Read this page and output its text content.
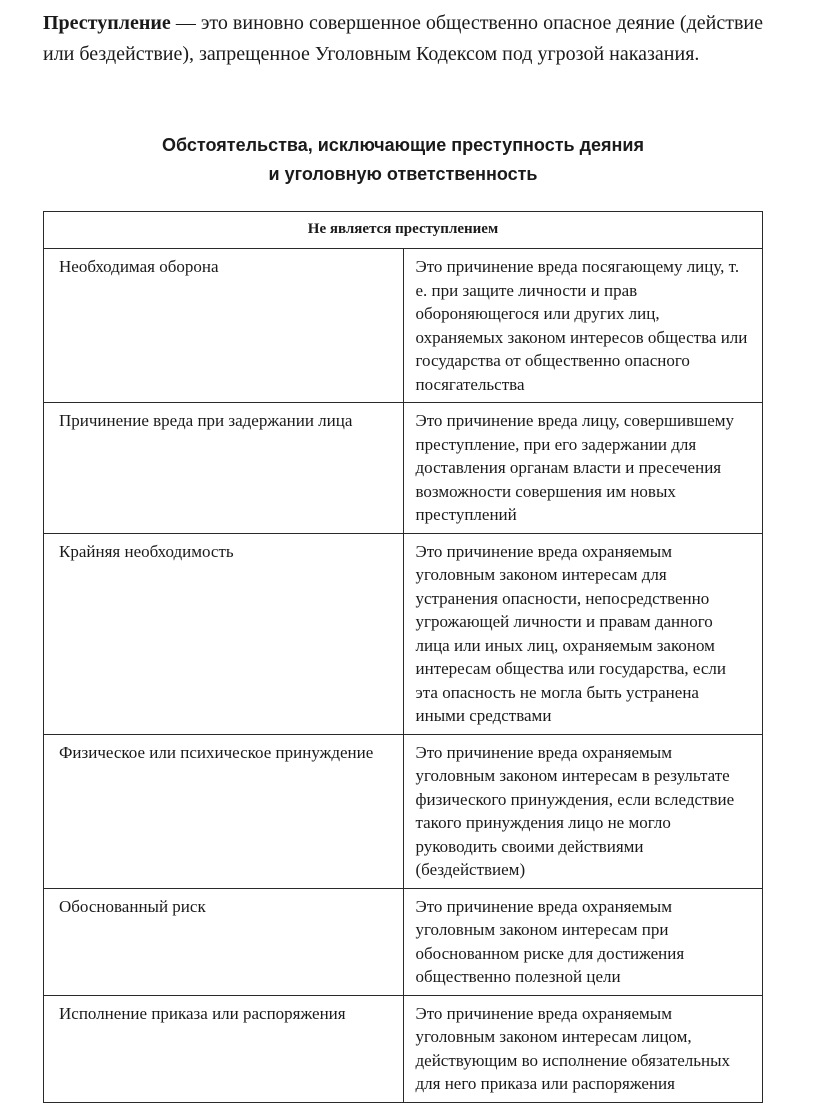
Преступление — это виновно совершенное общественно опасное деяние (действие или бездействие), запрещенное Уголовным Кодексом под угрозой наказания.

Обстоятельства, исключающие преступность деяния
и уголовную ответственность
Не является преступлением	
Необходимая оборона	Это причинение вреда посягающему лицу, т. е. при защите личности и прав обороняющегося или других лиц, охраняемых законом интересов общества или государства от общественно опасного посягательства
Причинение вреда при задержании лица	Это причинение вреда лицу, совершившему преступление, при его задержании для доставления органам власти и пресечения возможности совершения им новых преступлений
Крайняя необходимость	Это причинение вреда охраняемым уголовным законом интересам для устранения опасности, непосредственно угрожающей личности и правам данного лица или иных лиц, охраняемым законом интересам общества или государства, если эта опасность не могла быть устранена иными средствами
Физическое или психическое принуждение	Это причинение вреда охраняемым уголовным законом интересам в результате физического принуждения, если вследствие такого принуждения лицо не могло руководить своими действиями (бездействием)
Обоснованный риск	Это причинение вреда охраняемым уголовным законом интересам при обоснованном риске для достижения общественно полезной цели
Исполнение приказа или распоряжения	Это причинение вреда охраняемым уголовным законом интересам лицом, действующим во исполнение обязательных для него приказа или распоряжения
